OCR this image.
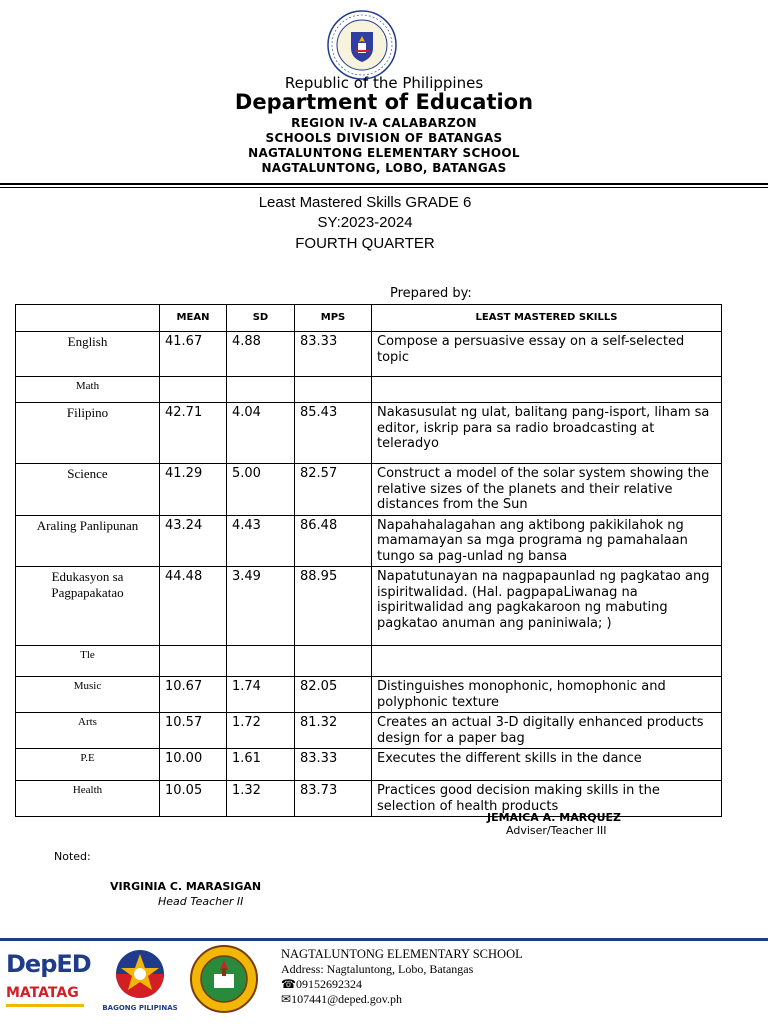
Republic of the Philippines
Department of Education
REGION IV-A CALABARZON
SCHOOLS DIVISION OF BATANGAS
NAGTALUNTONG ELEMENTARY SCHOOL
NAGTALUNTONG, LOBO, BATANGAS
Least Mastered Skills GRADE 6
SY:2023-2024
FOURTH QUARTER
Prepared by:
	MEAN	SD	MPS	LEAST MASTERED SKILLS
English	41.67	4.88	83.33	Compose a persuasive essay on a self-selected topic
Math				
Filipino	42.71	4.04	85.43	Nakasusulat ng ulat, balitang pang-isport, liham sa editor, iskrip para sa radio broadcasting at teleradyo
Science	41.29	5.00	82.57	Construct a model of the solar system showing the relative sizes of the planets and their relative distances from the Sun
Araling Panlipunan	43.24	4.43	86.48	Napahahalagahan ang aktibong pakikilahok ng mamamayan sa mga programa ng pamahalaan tungo sa pag-unlad ng bansa
Edukasyon sa Pagpapakatao	44.48	3.49	88.95	Napatutunayan na nagpapaunlad ng pagkatao ang ispiritwalidad. (Hal. pagpapaLiwanag na ispiritwalidad ang pagkakaroon ng mabuting pagkatao anuman ang paniniwala; )
Tle				
Music	10.67	1.74	82.05	Distinguishes monophonic, homophonic and polyphonic texture
Arts	10.57	1.72	81.32	Creates an actual 3-D digitally enhanced products design for a paper bag
P.E	10.00	1.61	83.33	Executes the different skills in the dance
Health	10.05	1.32	83.73	Practices good decision making skills in the selection of health products
JEMAICA A. MARQUEZ
Adviser/Teacher III
Noted:
VIRGINIA C. MARASIGAN
Head Teacher II
DepED
MATATAG
BAGONG PILIPINAS
NAGTALUNTONG ELEMENTARY SCHOOL
Address: Nagtaluntong, Lobo, Batangas
☎09152692324
✉107441@deped.gov.ph
